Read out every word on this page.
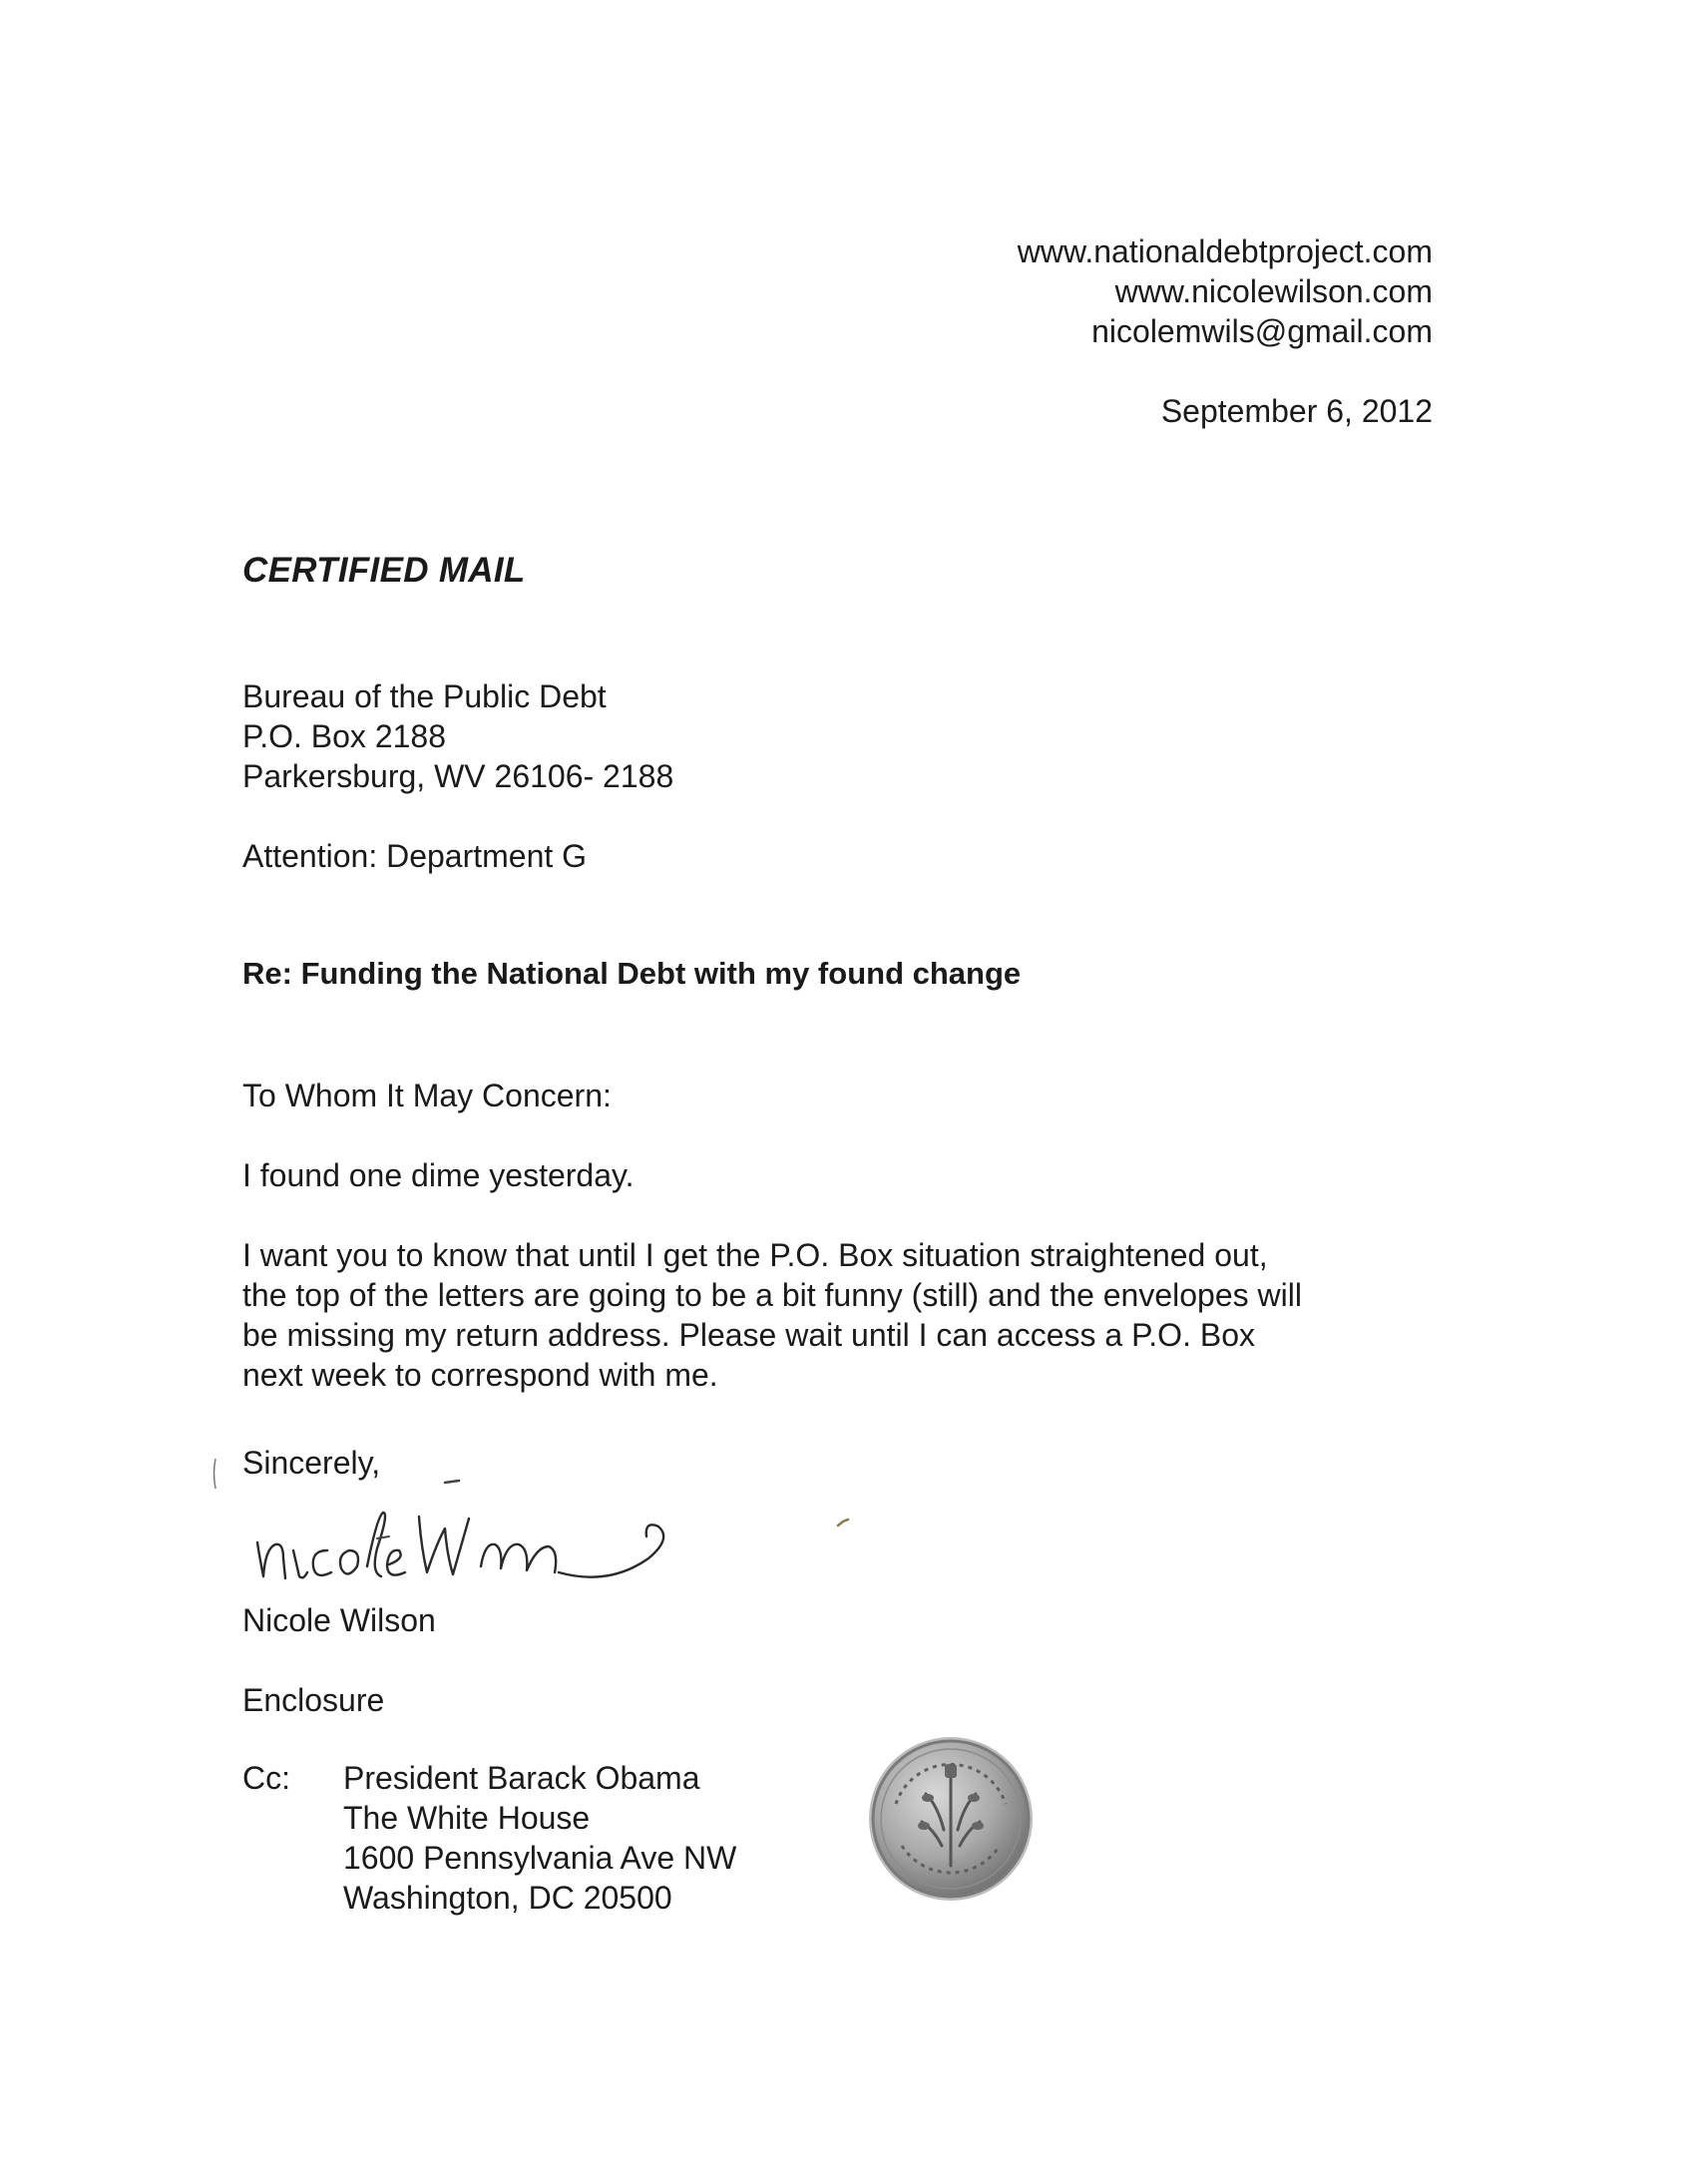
www.nationaldebtproject.com
www.nicolewilson.com
nicolemwils@gmail.com
September 6, 2012
CERTIFIED MAIL
Bureau of the Public Debt
P.O. Box 2188
Parkersburg, WV 26106- 2188
Attention: Department G
Re: Funding the National Debt with my found change
To Whom It May Concern:
I found one dime yesterday.
I want you to know that until I get the P.O. Box situation straightened out,
the top of the letters are going to be a bit funny (still) and the envelopes will
be missing my return address. Please wait until I can access a P.O. Box
next week to correspond with me.
Sincerely,
Nicole Wilson
Enclosure
Cc: President Barack Obama
The White House
1600 Pennsylvania Ave NW
Washington, DC 20500
